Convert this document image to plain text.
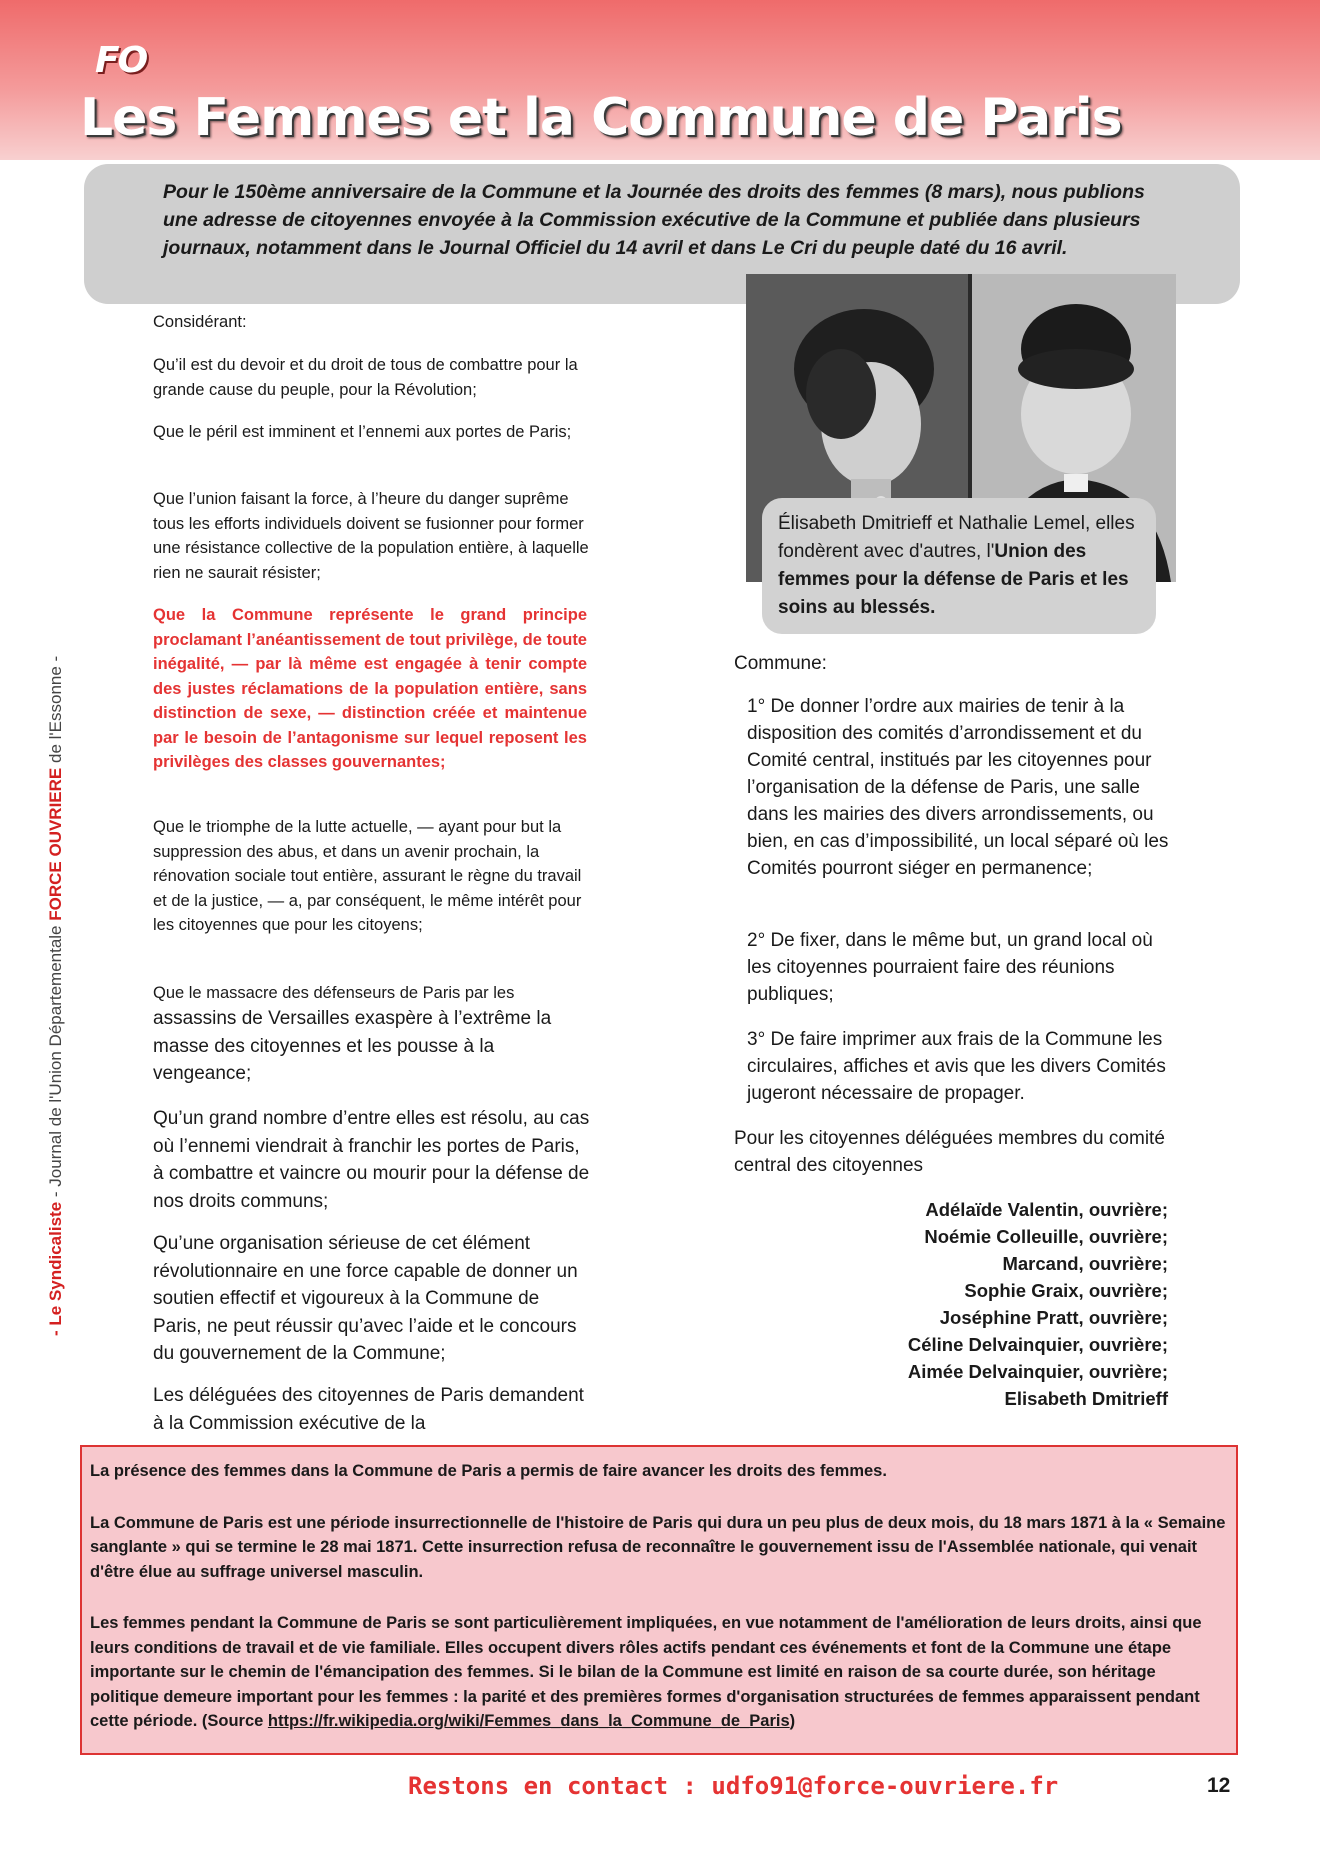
FO
Les Femmes et la Commune de Paris
Pour le 150ème anniversaire de la Commune et la Journée des droits des femmes (8 mars), nous publions une adresse de citoyennes envoyée à la Commission exécutive de la Commune et publiée dans plusieurs journaux, notamment dans le Journal Officiel du 14 avril et dans Le Cri du peuple daté du 16 avril.
Élisabeth Dmitrieff et Nathalie Lemel, elles fondèrent avec d'autres, l'Union des femmes pour la défense de Paris et les soins au blessés.
- Le Syndicaliste - Journal de l'Union Départementale FORCE OUVRIERE de l'Essonne -

Considérant:

Qu’il est du devoir et du droit de tous de combattre pour la grande cause du peuple, pour la Révolution;

Que le péril est imminent et l’ennemi aux portes de Paris;

Que l’union faisant la force, à l’heure du danger suprême tous les efforts individuels doivent se fusionner pour former une résistance collective de la population entière, à laquelle rien ne saurait résister;

Que la Commune représente le grand principe proclamant l’anéantissement de tout privilège, de toute inégalité, — par là même est engagée à tenir compte des justes réclamations de la population entière, sans distinction de sexe, — distinction créée et maintenue par le besoin de l’antagonisme sur lequel reposent les privilèges des classes gouvernantes;

Que le triomphe de la lutte actuelle, — ayant pour but la suppression des abus, et dans un avenir prochain, la rénovation sociale tout entière, assurant le règne du travail et de la justice, — a, par conséquent, le même intérêt pour les citoyennes que pour les citoyens;

Que le massacre des défenseurs de Paris par les

assassins de Versailles exaspère à l’extrême la masse des citoyennes et les pousse à la vengeance;

Qu’un grand nombre d’entre elles est résolu, au cas où l’ennemi viendrait à franchir les portes de Paris, à combattre et vaincre ou mourir pour la défense de nos droits communs;

Qu’une organisation sérieuse de cet élément révolutionnaire en une force capable de donner un soutien effectif et vigoureux à la Commune de Paris, ne peut réussir qu’avec l’aide et le concours du gouvernement de la Commune;

Les déléguées des citoyennes de Paris demandent à la Commission exécutive de la

Commune:
1° De donner l’ordre aux mairies de tenir à la disposition des comités d’arrondissement et du Comité central, institués par les citoyennes pour l’organisation de la défense de Paris, une salle dans les mairies des divers arrondissements, ou bien, en cas d’impossibilité, un local séparé où les Comités pourront siéger en permanence;
2° De fixer, dans le même but, un grand local où les citoyennes pourraient faire des réunions publiques;
3° De faire imprimer aux frais de la Commune les circulaires, affiches et avis que les divers Comités jugeront nécessaire de propager.
Pour les citoyennes déléguées membres du comité central des citoyennes
Adélaïde Valentin, ouvrière;
Noémie Colleuille, ouvrière;
Marcand, ouvrière;
Sophie Graix, ouvrière;
Joséphine Pratt, ouvrière;
Céline Delvainquier, ouvrière;
Aimée Delvainquier, ouvrière;
Elisabeth Dmitrieff

La présence des femmes dans la Commune de Paris a permis de faire avancer les droits des femmes.

La Commune de Paris est une période insurrectionnelle de l'histoire de Paris qui dura un peu plus de deux mois, du 18 mars 1871 à la « Semaine sanglante » qui se termine le 28 mai 1871. Cette insurrection refusa de reconnaître le gouvernement issu de l'Assemblée nationale, qui venait d'être élue au suffrage universel masculin.

Les femmes pendant la Commune de Paris se sont particulièrement impliquées, en vue notamment de l'amélioration de leurs droits, ainsi que leurs conditions de travail et de vie familiale. Elles occupent divers rôles actifs pendant ces événements et font de la Commune une étape importante sur le chemin de l'émancipation des femmes. Si le bilan de la Commune est limité en raison de sa courte durée, son héritage politique demeure important pour les femmes : la parité et des premières formes d'organisation structurées de femmes apparaissent pendant cette période. (Source https://fr.wikipedia.org/wiki/Femmes_dans_la_Commune_de_Paris)

Restons en contact : udfo91@force-ouvriere.fr	12
